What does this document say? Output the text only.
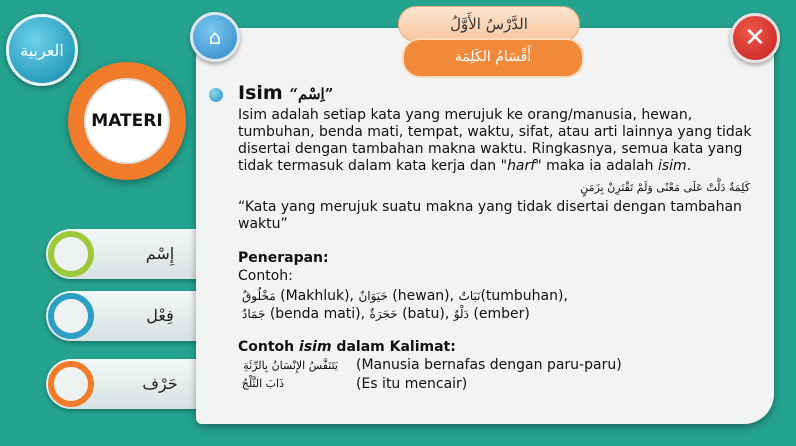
العربية
MATERI
إِسْم
فِعْل
حَرْف
⌂	✕
الدَّرْسُ الأَوَّلُ
أَقْسَامُ الكَلِمَة
Isim “اِسْم”
Isim adalah setiap kata yang merujuk ke orang/manusia, hewan, tumbuhan, benda mati, tempat, waktu, sifat, atau arti lainnya yang tidak disertai dengan tambahan makna waktu. Ringkasnya, semua kata yang tidak termasuk dalam kata kerja dan "harf" maka ia adalah isim.
كَلِمَةٌ دَلَّتْ عَلَى مَعْنًى وَلَمْ تَقْتَرِنْ بِزَمَنٍ
“Kata yang merujuk suatu makna yang tidak disertai dengan tambahan waktu”
Penerapan:
Contoh:
مَخْلُوقٌ (Makhluk), حَيَوَانٌ (hewan), نَبَاتٌ(tumbuhan),
جَمَادٌ (benda mati), حَجَرَةٌ (batu), دَلْوٌ (ember)
Contoh isim dalam Kalimat:
يَتَنَفَّسُ الإِنْسَانُ بِالرِّئَةِ (Manusia bernafas dengan paru-paru)
ذَابَ الثَّلْجُ	(Es itu mencair)
